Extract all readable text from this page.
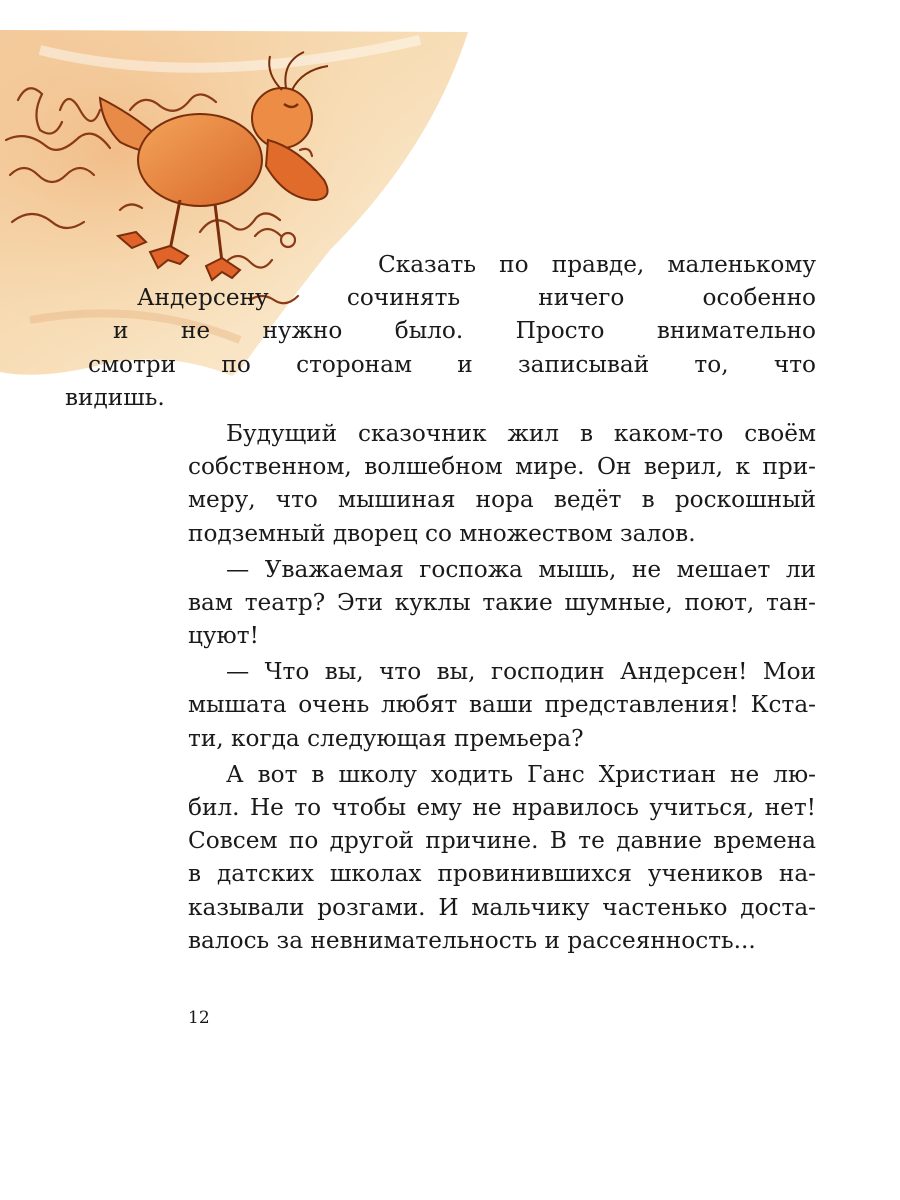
Сказать по правде, маленькому
Андерсену сочинять ничего особенно
и не нужно было. Просто внимательно
смотри по сторонам и записывай то, что
видишь.
Будущий сказочник жил в каком-то своём
собственном, волшебном мире. Он верил, к при-
меру, что мышиная нора ведёт в роскошный
подземный дворец со множеством залов.
— Уважаемая госпожа мышь, не мешает ли
вам театр? Эти куклы такие шумные, поют, тан-
цуют!
— Что вы, что вы, господин Андерсен! Мои
мышата очень любят ваши представления! Кста-
ти, когда следующая премьера?
А вот в школу ходить Ганс Христиан не лю-
бил. Не то чтобы ему не нравилось учиться, нет!
Совсем по другой причине. В те давние времена
в датских школах провинившихся учеников на-
казывали розгами. И мальчику частенько доста-
валось за невнимательность и рассеянность...
12
